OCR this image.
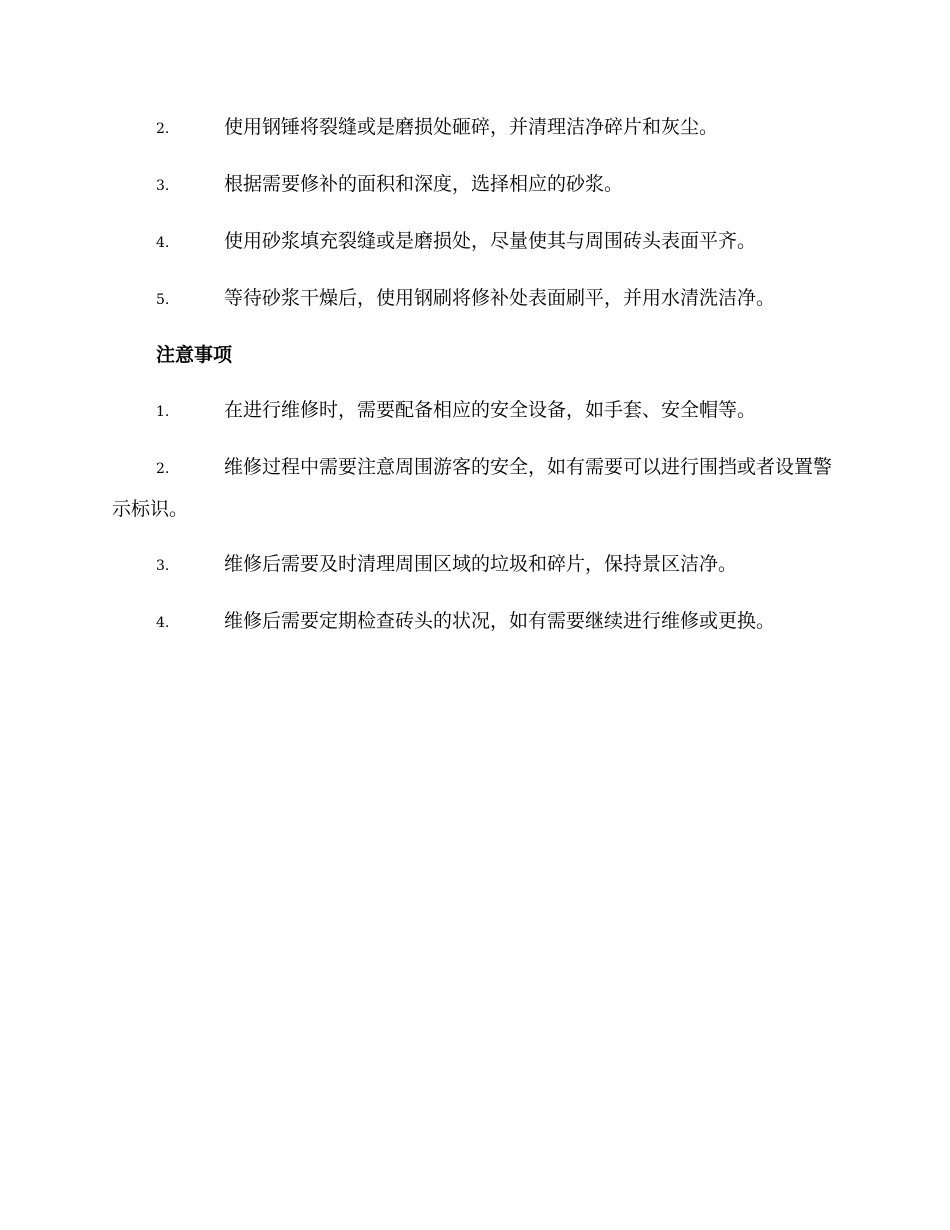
2.	使用钢锤将裂缝或是磨损处砸碎，并清理洁净碎片和灰尘。
3.	根据需要修补的面积和深度，选择相应的砂浆。
4.	使用砂浆填充裂缝或是磨损处，尽量使其与周围砖头表面平齐。
5.	等待砂浆干燥后，使用钢刷将修补处表面刷平，并用水清洗洁净。
注意事项
1.	在进行维修时，需要配备相应的安全设备，如手套、安全帽等。
2.	维修过程中需要注意周围游客的安全，如有需要可以进行围挡或者设置警示标识。
3.	维修后需要及时清理周围区域的垃圾和碎片，保持景区洁净。
4.	维修后需要定期检查砖头的状况，如有需要继续进行维修或更换。
